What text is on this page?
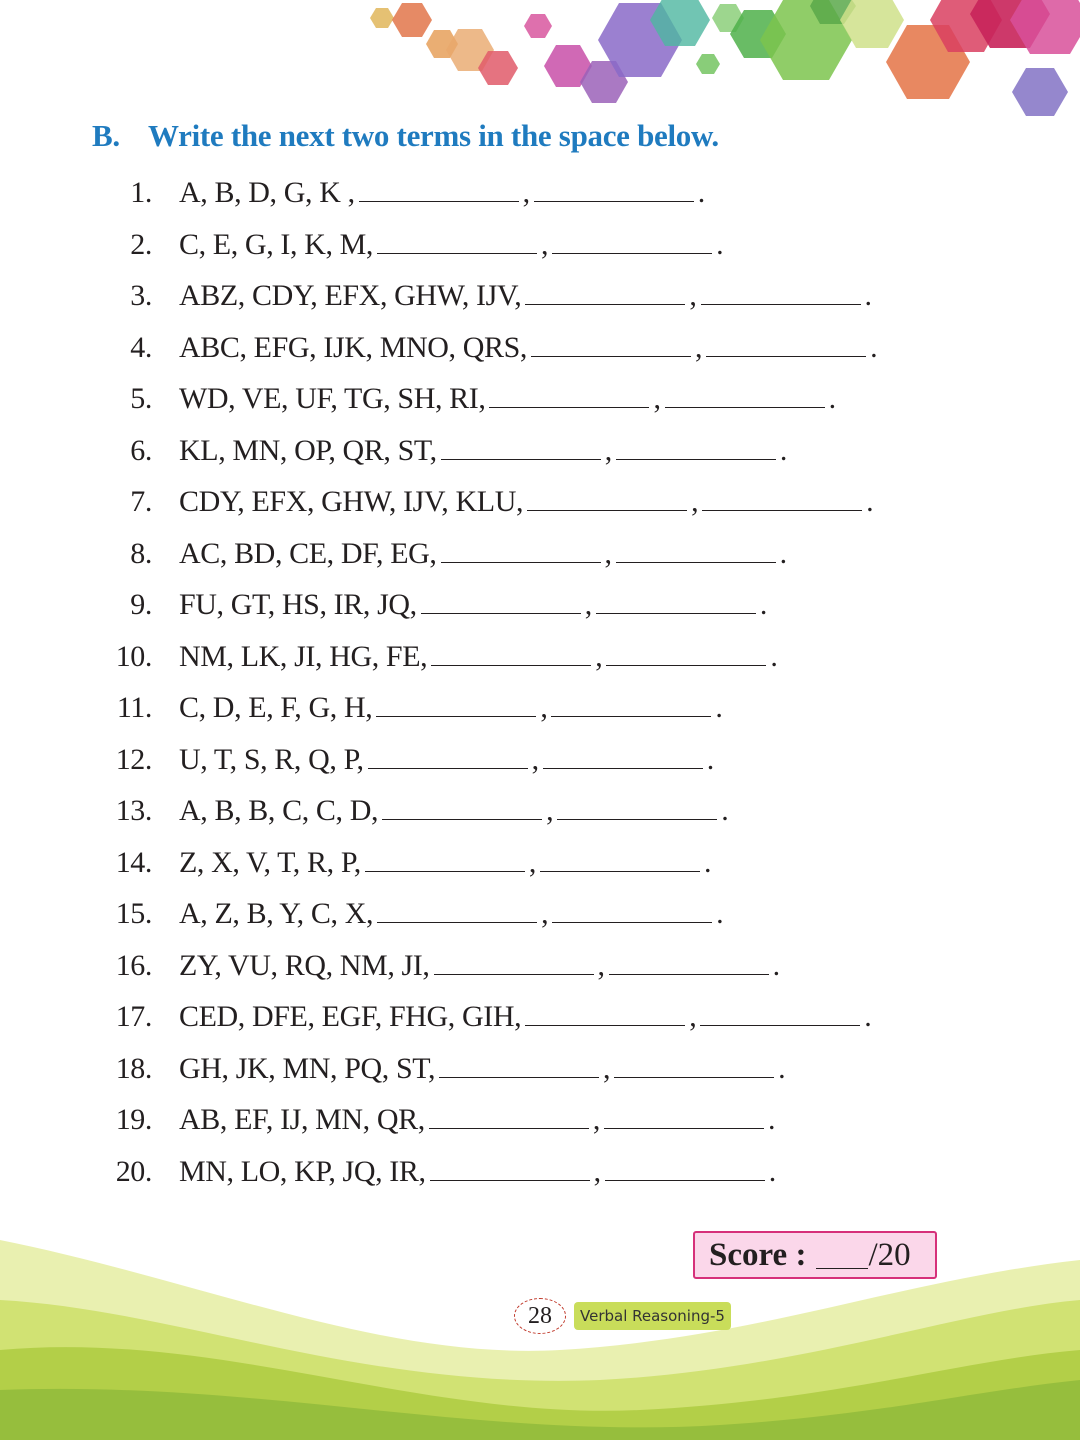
B. Write the next two terms in the space below.
1. A, B, D, G, K ,	,	.
2. C, E, G, I, K, M,	,	.
3. ABZ, CDY, EFX, GHW, IJV,	,	.
4. ABC, EFG, IJK, MNO, QRS,	,	.
5. WD, VE, UF, TG, SH, RI,	,	.
6. KL, MN, OP, QR, ST,	,	.
7. CDY, EFX, GHW, IJV, KLU,	,	.
8. AC, BD, CE, DF, EG,	,	.
9. FU, GT, HS, IR, JQ,	,	.
10. NM, LK, JI, HG, FE,	,	.
11. C, D, E, F, G, H,	,	.
12. U, T, S, R, Q, P,	,	.
13. A, B, B, C, C, D,	,	.
14. Z, X, V, T, R, P,	,	.
15. A, Z, B, Y, C, X,	,	.
16. ZY, VU, RQ, NM, JI,	,	.
17. CED, DFE, EGF, FHG, GIH,	,	.
18. GH, JK, MN, PQ, ST,	,	.
19. AB, EF, IJ, MN, QR,	,	.
20. MN, LO, KP, JQ, IR,	,	.
Score : /20
28	Verbal Reasoning-5
